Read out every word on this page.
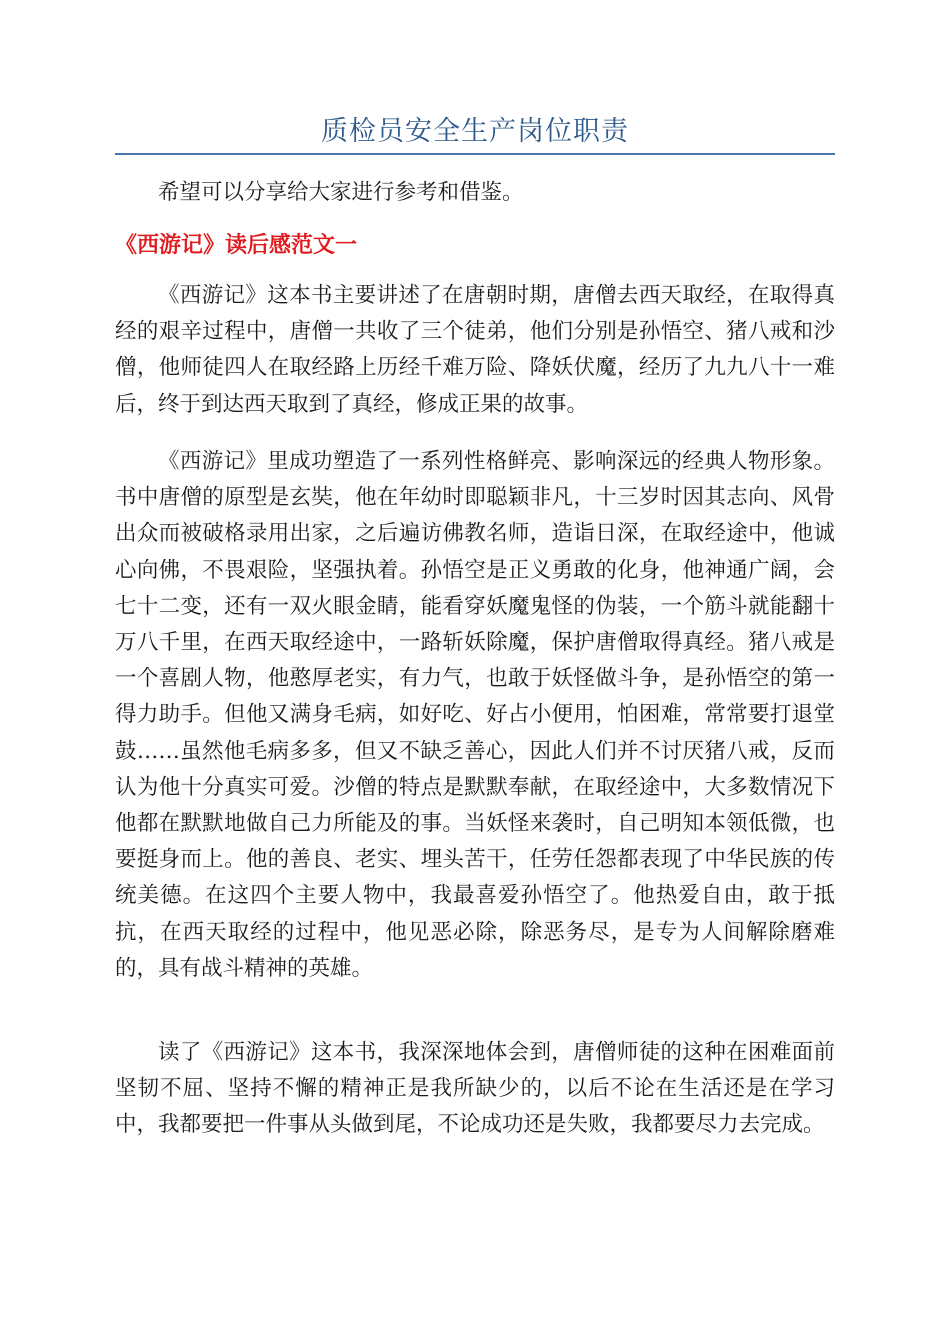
质检员安全生产岗位职责

希望可以分享给大家进行参考和借鉴。

《西游记》读后感范文一

《西游记》这本书主要讲述了在唐朝时期，唐僧去西天取经，在取得真经的艰辛过程中，唐僧一共收了三个徒弟，他们分别是孙悟空、猪八戒和沙僧，他师徒四人在取经路上历经千难万险、降妖伏魔，经历了九九八十一难后，终于到达西天取到了真经，修成正果的故事。

《西游记》里成功塑造了一系列性格鲜亮、影响深远的经典人物形象。书中唐僧的原型是玄奘，他在年幼时即聪颖非凡，十三岁时因其志向、风骨出众而被破格录用出家，之后遍访佛教名师，造诣日深，在取经途中，他诚心向佛，不畏艰险，坚强执着。孙悟空是正义勇敢的化身，他神通广阔，会七十二变，还有一双火眼金睛，能看穿妖魔鬼怪的伪装，一个筋斗就能翻十万八千里，在西天取经途中，一路斩妖除魔，保护唐僧取得真经。猪八戒是一个喜剧人物，他憨厚老实，有力气，也敢于妖怪做斗争，是孙悟空的第一得力助手。但他又满身毛病，如好吃、好占小便用，怕困难，常常要打退堂鼓……虽然他毛病多多，但又不缺乏善心，因此人们并不讨厌猪八戒，反而认为他十分真实可爱。沙僧的特点是默默奉献，在取经途中，大多数情况下他都在默默地做自己力所能及的事。当妖怪来袭时，自己明知本领低微，也要挺身而上。他的善良、老实、埋头苦干，任劳任怨都表现了中华民族的传统美德。在这四个主要人物中，我最喜爱孙悟空了。他热爱自由，敢于抵抗，在西天取经的过程中，他见恶必除，除恶务尽，是专为人间解除磨难的，具有战斗精神的英雄。

读了《西游记》这本书，我深深地体会到，唐僧师徒的这种在困难面前坚韧不屈、坚持不懈的精神正是我所缺少的，以后不论在生活还是在学习中，我都要把一件事从头做到尾，不论成功还是失败，我都要尽力去完成。
